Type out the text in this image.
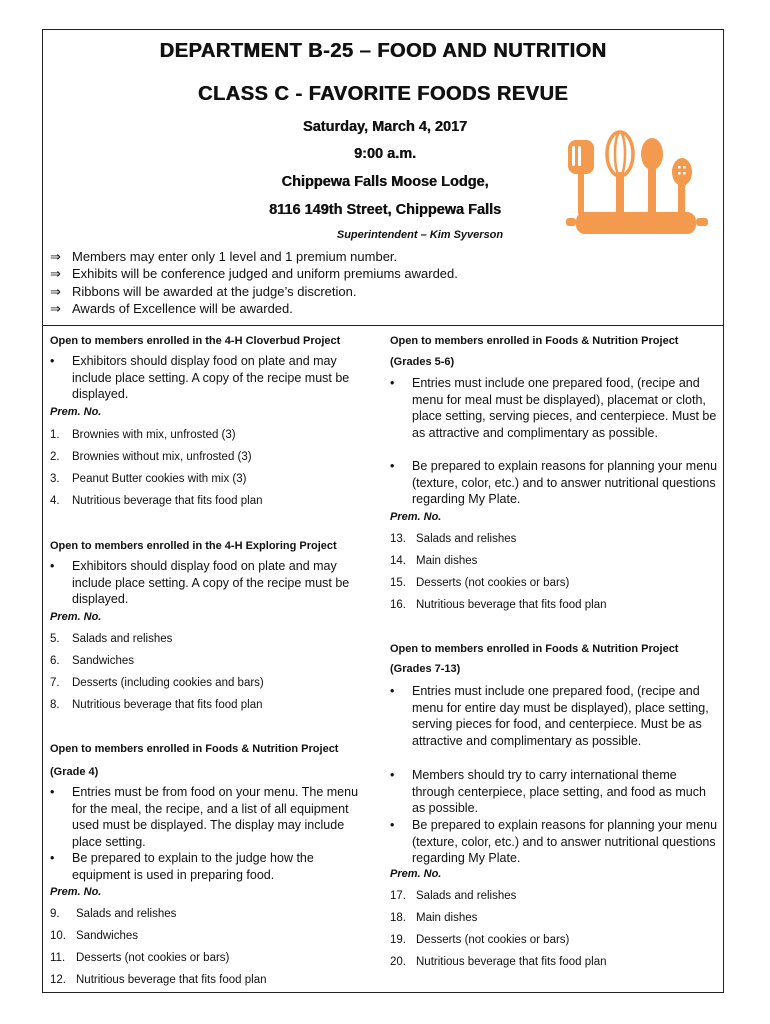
DEPARTMENT B-25 – FOOD AND NUTRITION
CLASS C - FAVORITE FOODS REVUE
Saturday, March 4, 2017
9:00 a.m.
Chippewa Falls Moose Lodge,
8116 149th Street, Chippewa Falls
Superintendent – Kim Syverson
⇒ Members may enter only 1 level and 1 premium number.
⇒ Exhibits will be conference judged and uniform premiums awarded.
⇒ Ribbons will be awarded at the judge’s discretion.
⇒ Awards of Excellence will be awarded.
Open to members enrolled in the 4-H Cloverbud Project
• Exhibitors should display food on plate and may include place setting. A copy of the recipe must be displayed.
Prem. No.
1. Brownies with mix, unfrosted (3)
2. Brownies without mix, unfrosted (3)
3. Peanut Butter cookies with mix (3)
4. Nutritious beverage that fits food plan
Open to members enrolled in the 4-H Exploring Project
• Exhibitors should display food on plate and may include place setting. A copy of the recipe must be displayed.
Prem. No.
5. Salads and relishes
6. Sandwiches
7. Desserts (including cookies and bars)
8. Nutritious beverage that fits food plan
Open to members enrolled in Foods & Nutrition Project
(Grade 4)
• Entries must be from food on your menu. The menu for the meal, the recipe, and a list of all equipment used must be displayed. The display may include place setting.
• Be prepared to explain to the judge how the equipment is used in preparing food.
Prem. No.
9. Salads and relishes
10. Sandwiches
11. Desserts (not cookies or bars)
12. Nutritious beverage that fits food plan
Open to members enrolled in Foods & Nutrition Project
(Grades 5-6)
• Entries must include one prepared food, (recipe and menu for meal must be displayed), placemat or cloth, place setting, serving pieces, and centerpiece. Must be as attractive and complimentary as possible.
• Be prepared to explain reasons for planning your menu (texture, color, etc.) and to answer nutritional questions regarding My Plate.
Prem. No.
13. Salads and relishes
14. Main dishes
15. Desserts (not cookies or bars)
16. Nutritious beverage that fits food plan
Open to members enrolled in Foods & Nutrition Project
(Grades 7-13)
• Entries must include one prepared food, (recipe and menu for entire day must be displayed), place setting, serving pieces for food, and centerpiece. Must be as attractive and complimentary as possible.
• Members should try to carry international theme through centerpiece, place setting, and food as much as possible.
• Be prepared to explain reasons for planning your menu (texture, color, etc.) and to answer nutritional questions regarding My Plate.
Prem. No.
17. Salads and relishes
18. Main dishes
19. Desserts (not cookies or bars)
20. Nutritious beverage that fits food plan
